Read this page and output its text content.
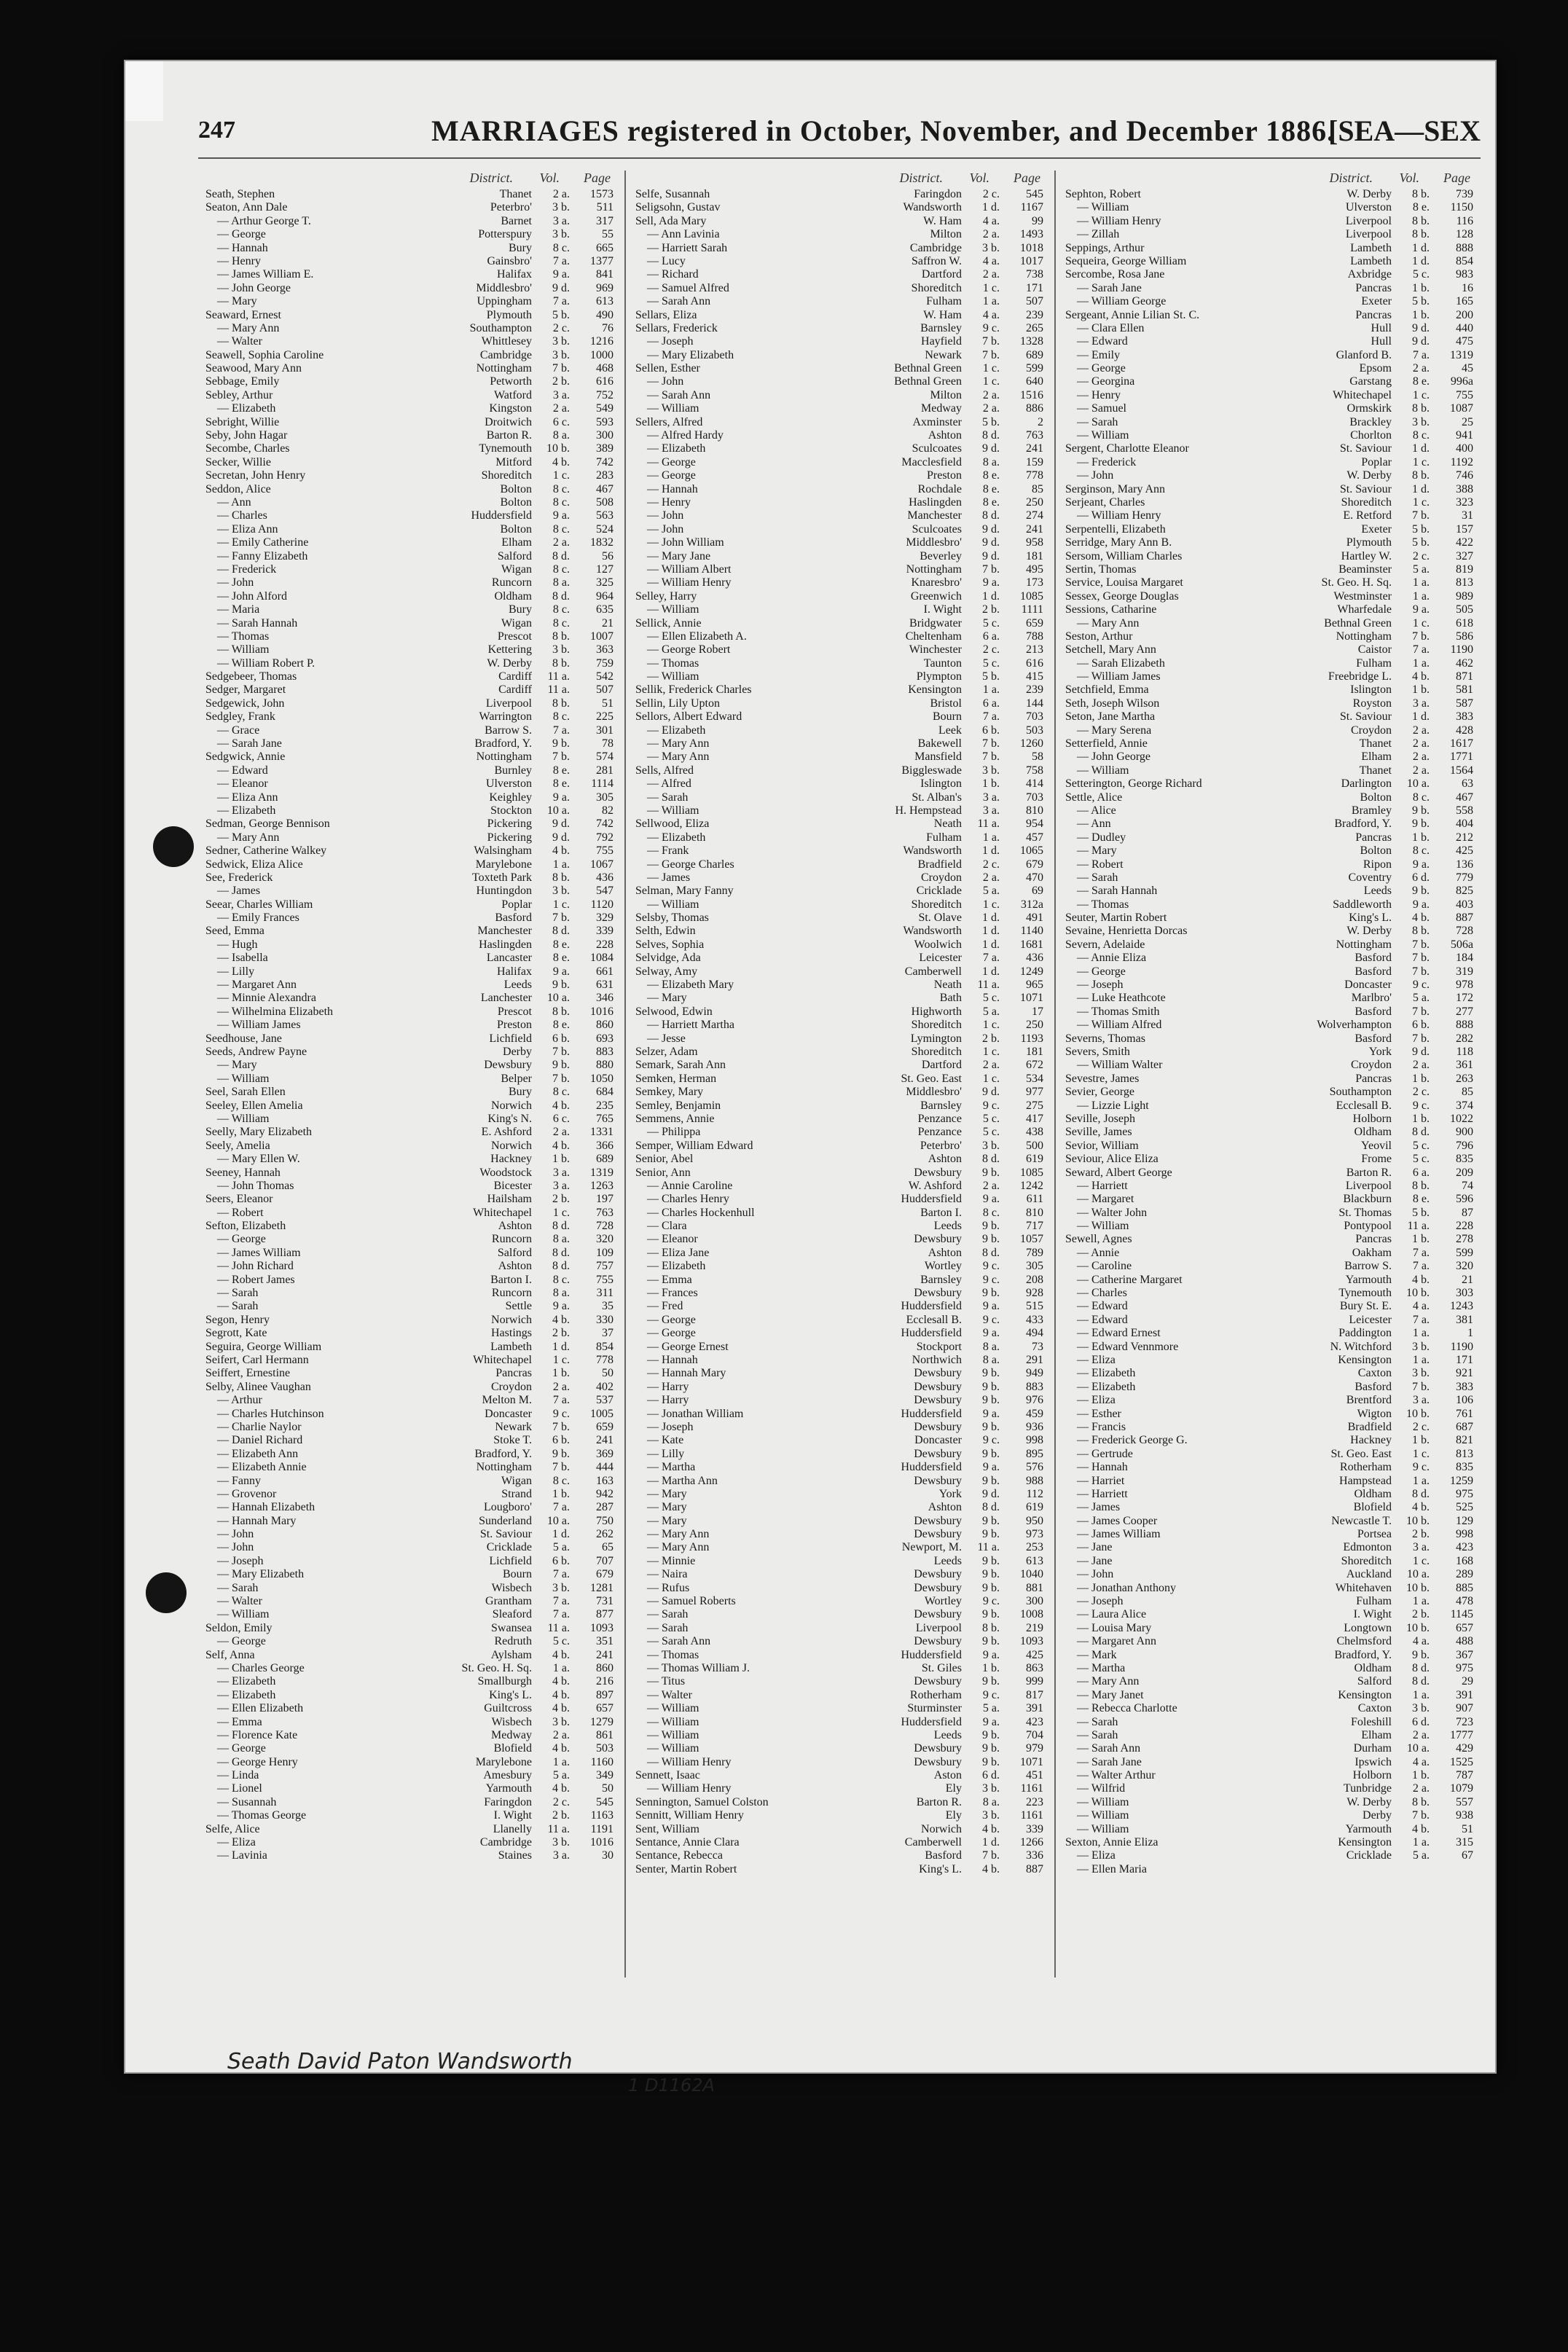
247	MARRIAGES registered in October, November, and December 1886.
[SEA—SEX
District.	Vol.	Page
Seath, Stephen	Thanet	2 a.	1573
Seaton, Ann Dale	Peterbro'	3 b.	511
— Arthur George T.	Barnet	3 a.	317
— George	Potterspury	3 b.	55
— Hannah	Bury	8 c.	665
— Henry	Gainsbro'	7 a.	1377
— James William E.	Halifax	9 a.	841
— John George	Middlesbro'	9 d.	969
— Mary	Uppingham	7 a.	613
Seaward, Ernest	Plymouth	5 b.	490
— Mary Ann	Southampton	2 c.	76
— Walter	Whittlesey	3 b.	1216
Seawell, Sophia Caroline	Cambridge	3 b.	1000
Seawood, Mary Ann	Nottingham	7 b.	468
Sebbage, Emily	Petworth	2 b.	616
Sebley, Arthur	Watford	3 a.	752
— Elizabeth	Kingston	2 a.	549
Sebright, Willie	Droitwich	6 c.	593
Seby, John Hagar	Barton R.	8 a.	300
Secombe, Charles	Tynemouth	10 b.	389
Secker, Willie	Mitford	4 b.	742
Secretan, John Henry	Shoreditch	1 c.	283
Seddon, Alice	Bolton	8 c.	467
— Ann	Bolton	8 c.	508
— Charles	Huddersfield	9 a.	563
— Eliza Ann	Bolton	8 c.	524
— Emily Catherine	Elham	2 a.	1832
— Fanny Elizabeth	Salford	8 d.	56
— Frederick	Wigan	8 c.	127
— John	Runcorn	8 a.	325
— John Alford	Oldham	8 d.	964
— Maria	Bury	8 c.	635
— Sarah Hannah	Wigan	8 c.	21
— Thomas	Prescot	8 b.	1007
— William	Kettering	3 b.	363
— William Robert P.	W. Derby	8 b.	759
Sedgebeer, Thomas	Cardiff	11 a.	542
Sedger, Margaret	Cardiff	11 a.	507
Sedgewick, John	Liverpool	8 b.	51
Sedgley, Frank	Warrington	8 c.	225
— Grace	Barrow S.	7 a.	301
— Sarah Jane	Bradford, Y.	9 b.	78
Sedgwick, Annie	Nottingham	7 b.	574
— Edward	Burnley	8 e.	281
— Eleanor	Ulverston	8 e.	1114
— Eliza Ann	Keighley	9 a.	305
— Elizabeth	Stockton	10 a.	82
Sedman, George Bennison	Pickering	9 d.	742
— Mary Ann	Pickering	9 d.	792
Sedner, Catherine Walkey	Walsingham	4 b.	755
Sedwick, Eliza Alice	Marylebone	1 a.	1067
See, Frederick	Toxteth Park	8 b.	436
— James	Huntingdon	3 b.	547
Seear, Charles William	Poplar	1 c.	1120
— Emily Frances	Basford	7 b.	329
Seed, Emma	Manchester	8 d.	339
— Hugh	Haslingden	8 e.	228
— Isabella	Lancaster	8 e.	1084
— Lilly	Halifax	9 a.	661
— Margaret Ann	Leeds	9 b.	631
— Minnie Alexandra	Lanchester	10 a.	346
— Wilhelmina Elizabeth	Prescot	8 b.	1016
— William James	Preston	8 e.	860
Seedhouse, Jane	Lichfield	6 b.	693
Seeds, Andrew Payne	Derby	7 b.	883
— Mary	Dewsbury	9 b.	880
— William	Belper	7 b.	1050
Seel, Sarah Ellen	Bury	8 c.	684
Seeley, Ellen Amelia	Norwich	4 b.	235
— William	King's N.	6 c.	765
Seelly, Mary Elizabeth	E. Ashford	2 a.	1331
Seely, Amelia	Norwich	4 b.	366
— Mary Ellen W.	Hackney	1 b.	689
Seeney, Hannah	Woodstock	3 a.	1319
— John Thomas	Bicester	3 a.	1263
Seers, Eleanor	Hailsham	2 b.	197
— Robert	Whitechapel	1 c.	763
Sefton, Elizabeth	Ashton	8 d.	728
— George	Runcorn	8 a.	320
— James William	Salford	8 d.	109
— John Richard	Ashton	8 d.	757
— Robert James	Barton I.	8 c.	755
— Sarah	Runcorn	8 a.	311
— Sarah	Settle	9 a.	35
Segon, Henry	Norwich	4 b.	330
Segrott, Kate	Hastings	2 b.	37
Seguira, George William	Lambeth	1 d.	854
Seifert, Carl Hermann	Whitechapel	1 c.	778
Seiffert, Ernestine	Pancras	1 b.	50
Selby, Alinee Vaughan	Croydon	2 a.	402
— Arthur	Melton M.	7 a.	537
— Charles Hutchinson	Doncaster	9 c.	1005
— Charlie Naylor	Newark	7 b.	659
— Daniel Richard	Stoke T.	6 b.	241
— Elizabeth Ann	Bradford, Y.	9 b.	369
— Elizabeth Annie	Nottingham	7 b.	444
— Fanny	Wigan	8 c.	163
— Grovenor	Strand	1 b.	942
— Hannah Elizabeth	Lougboro'	7 a.	287
— Hannah Mary	Sunderland	10 a.	750
— John	St. Saviour	1 d.	262
— John	Cricklade	5 a.	65
— Joseph	Lichfield	6 b.	707
— Mary Elizabeth	Bourn	7 a.	679
— Sarah	Wisbech	3 b.	1281
— Walter	Grantham	7 a.	731
— William	Sleaford	7 a.	877
Seldon, Emily	Swansea	11 a.	1093
— George	Redruth	5 c.	351
Self, Anna	Aylsham	4 b.	241
— Charles George	St. Geo. H. Sq.	1 a.	860
— Elizabeth	Smallburgh	4 b.	216
— Elizabeth	King's L.	4 b.	897
— Ellen Elizabeth	Guiltcross	4 b.	657
— Emma	Wisbech	3 b.	1279
— Florence Kate	Medway	2 a.	861
— George	Blofield	4 b.	503
— George Henry	Marylebone	1 a.	1160
— Linda	Amesbury	5 a.	349
— Lionel	Yarmouth	4 b.	50
— Susannah	Faringdon	2 c.	545
— Thomas George	I. Wight	2 b.	1163
Selfe, Alice	Llanelly	11 a.	1191
— Eliza	Cambridge	3 b.	1016
— Lavinia	Staines	3 a.	30
District.	Vol.	Page
Selfe, Susannah	Faringdon	2 c.	545
Seligsohn, Gustav	Wandsworth	1 d.	1167
Sell, Ada Mary	W. Ham	4 a.	99
— Ann Lavinia	Milton	2 a.	1493
— Harriett Sarah	Cambridge	3 b.	1018
— Lucy	Saffron W.	4 a.	1017
— Richard	Dartford	2 a.	738
— Samuel Alfred	Shoreditch	1 c.	171
— Sarah Ann	Fulham	1 a.	507
Sellars, Eliza	W. Ham	4 a.	239
Sellars, Frederick	Barnsley	9 c.	265
— Joseph	Hayfield	7 b.	1328
— Mary Elizabeth	Newark	7 b.	689
Sellen, Esther	Bethnal Green	1 c.	599
— John	Bethnal Green	1 c.	640
— Sarah Ann	Milton	2 a.	1516
— William	Medway	2 a.	886
Sellers, Alfred	Axminster	5 b.	2
— Alfred Hardy	Ashton	8 d.	763
— Elizabeth	Sculcoates	9 d.	241
— George	Macclesfield	8 a.	159
— George	Preston	8 e.	778
— Hannah	Rochdale	8 e.	85
— Henry	Haslingden	8 e.	250
— John	Manchester	8 d.	274
— John	Sculcoates	9 d.	241
— John William	Middlesbro'	9 d.	958
— Mary Jane	Beverley	9 d.	181
— William Albert	Nottingham	7 b.	495
— William Henry	Knaresbro'	9 a.	173
Selley, Harry	Greenwich	1 d.	1085
— William	I. Wight	2 b.	1111
Sellick, Annie	Bridgwater	5 c.	659
— Ellen Elizabeth A.	Cheltenham	6 a.	788
— George Robert	Winchester	2 c.	213
— Thomas	Taunton	5 c.	616
— William	Plympton	5 b.	415
Sellik, Frederick Charles	Kensington	1 a.	239
Sellin, Lily Upton	Bristol	6 a.	144
Sellors, Albert Edward	Bourn	7 a.	703
— Elizabeth	Leek	6 b.	503
— Mary Ann	Bakewell	7 b.	1260
— Mary Ann	Mansfield	7 b.	58
Sells, Alfred	Biggleswade	3 b.	758
— Alfred	Islington	1 b.	414
— Sarah	St. Alban's	3 a.	703
— William	H. Hempstead	3 a.	810
Sellwood, Eliza	Neath	11 a.	954
— Elizabeth	Fulham	1 a.	457
— Frank	Wandsworth	1 d.	1065
— George Charles	Bradfield	2 c.	679
— James	Croydon	2 a.	470
Selman, Mary Fanny	Cricklade	5 a.	69
— William	Shoreditch	1 c.	312a
Selsby, Thomas	St. Olave	1 d.	491
Selth, Edwin	Wandsworth	1 d.	1140
Selves, Sophia	Woolwich	1 d.	1681
Selvidge, Ada	Leicester	7 a.	436
Selway, Amy	Camberwell	1 d.	1249
— Elizabeth Mary	Neath	11 a.	965
— Mary	Bath	5 c.	1071
Selwood, Edwin	Highworth	5 a.	17
— Harriett Martha	Shoreditch	1 c.	250
— Jesse	Lymington	2 b.	1193
Selzer, Adam	Shoreditch	1 c.	181
Semark, Sarah Ann	Dartford	2 a.	672
Semken, Herman	St. Geo. East	1 c.	534
Semkey, Mary	Middlesbro'	9 d.	977
Semley, Benjamin	Barnsley	9 c.	275
Semmens, Annie	Penzance	5 c.	417
— Philippa	Penzance	5 c.	438
Semper, William Edward	Peterbro'	3 b.	500
Senior, Abel	Ashton	8 d.	619
Senior, Ann	Dewsbury	9 b.	1085
— Annie Caroline	W. Ashford	2 a.	1242
— Charles Henry	Huddersfield	9 a.	611
— Charles Hockenhull	Barton I.	8 c.	810
— Clara	Leeds	9 b.	717
— Eleanor	Dewsbury	9 b.	1057
— Eliza Jane	Ashton	8 d.	789
— Elizabeth	Wortley	9 c.	305
— Emma	Barnsley	9 c.	208
— Frances	Dewsbury	9 b.	928
— Fred	Huddersfield	9 a.	515
— George	Ecclesall B.	9 c.	433
— George	Huddersfield	9 a.	494
— George Ernest	Stockport	8 a.	73
— Hannah	Northwich	8 a.	291
— Hannah Mary	Dewsbury	9 b.	949
— Harry	Dewsbury	9 b.	883
— Harry	Dewsbury	9 b.	976
— Jonathan William	Huddersfield	9 a.	459
— Joseph	Dewsbury	9 b.	936
— Kate	Doncaster	9 c.	998
— Lilly	Dewsbury	9 b.	895
— Martha	Huddersfield	9 a.	576
— Martha Ann	Dewsbury	9 b.	988
— Mary	York	9 d.	112
— Mary	Ashton	8 d.	619
— Mary	Dewsbury	9 b.	950
— Mary Ann	Dewsbury	9 b.	973
— Mary Ann	Newport, M.	11 a.	253
— Minnie	Leeds	9 b.	613
— Naira	Dewsbury	9 b.	1040
— Rufus	Dewsbury	9 b.	881
— Samuel Roberts	Wortley	9 c.	300
— Sarah	Dewsbury	9 b.	1008
— Sarah	Liverpool	8 b.	219
— Sarah Ann	Dewsbury	9 b.	1093
— Thomas	Huddersfield	9 a.	425
— Thomas William J.	St. Giles	1 b.	863
— Titus	Dewsbury	9 b.	999
— Walter	Rotherham	9 c.	817
— William	Sturminster	5 a.	391
— William	Huddersfield	9 a.	423
— William	Leeds	9 b.	704
— William	Dewsbury	9 b.	979
— William Henry	Dewsbury	9 b.	1071
Sennett, Isaac	Aston	6 d.	451
— William Henry	Ely	3 b.	1161
Sennington, Samuel Colston	Barton R.	8 a.	223
Sennitt, William Henry	Ely	3 b.	1161
Sent, William	Norwich	4 b.	339
Sentance, Annie Clara	Camberwell	1 d.	1266
Sentance, Rebecca	Basford	7 b.	336
Senter, Martin Robert	King's L.	4 b.	887
District.	Vol.	Page
Sephton, Robert	W. Derby	8 b.	739
— William	Ulverston	8 e.	1150
— William Henry	Liverpool	8 b.	116
— Zillah	Liverpool	8 b.	128
Seppings, Arthur	Lambeth	1 d.	888
Sequeira, George William	Lambeth	1 d.	854
Sercombe, Rosa Jane	Axbridge	5 c.	983
— Sarah Jane	Pancras	1 b.	16
— William George	Exeter	5 b.	165
Sergeant, Annie Lilian St. C.	Pancras	1 b.	200
— Clara Ellen	Hull	9 d.	440
— Edward	Hull	9 d.	475
— Emily	Glanford B.	7 a.	1319
— George	Epsom	2 a.	45
— Georgina	Garstang	8 e.	996a
— Henry	Whitechapel	1 c.	755
— Samuel	Ormskirk	8 b.	1087
— Sarah	Brackley	3 b.	25
— William	Chorlton	8 c.	941
Sergent, Charlotte Eleanor	St. Saviour	1 d.	400
— Frederick	Poplar	1 c.	1192
— John	W. Derby	8 b.	746
Serginson, Mary Ann	St. Saviour	1 d.	388
Serjeant, Charles	Shoreditch	1 c.	323
— William Henry	E. Retford	7 b.	31
Serpentelli, Elizabeth	Exeter	5 b.	157
Serridge, Mary Ann B.	Plymouth	5 b.	422
Sersom, William Charles	Hartley W.	2 c.	327
Sertin, Thomas	Beaminster	5 a.	819
Service, Louisa Margaret	St. Geo. H. Sq.	1 a.	813
Sessex, George Douglas	Westminster	1 a.	989
Sessions, Catharine	Wharfedale	9 a.	505
— Mary Ann	Bethnal Green	1 c.	618
Seston, Arthur	Nottingham	7 b.	586
Setchell, Mary Ann	Caistor	7 a.	1190
— Sarah Elizabeth	Fulham	1 a.	462
— William James	Freebridge L.	4 b.	871
Setchfield, Emma	Islington	1 b.	581
Seth, Joseph Wilson	Royston	3 a.	587
Seton, Jane Martha	St. Saviour	1 d.	383
— Mary Serena	Croydon	2 a.	428
Setterfield, Annie	Thanet	2 a.	1617
— John George	Elham	2 a.	1771
— William	Thanet	2 a.	1564
Setterington, George Richard	Darlington	10 a.	63
Settle, Alice	Bolton	8 c.	467
— Alice	Bramley	9 b.	558
— Ann	Bradford, Y.	9 b.	404
— Dudley	Pancras	1 b.	212
— Mary	Bolton	8 c.	425
— Robert	Ripon	9 a.	136
— Sarah	Coventry	6 d.	779
— Sarah Hannah	Leeds	9 b.	825
— Thomas	Saddleworth	9 a.	403
Seuter, Martin Robert	King's L.	4 b.	887
Sevaine, Henrietta Dorcas	W. Derby	8 b.	728
Severn, Adelaide	Nottingham	7 b.	506a
— Annie Eliza	Basford	7 b.	184
— George	Basford	7 b.	319
— Joseph	Doncaster	9 c.	978
— Luke Heathcote	Marlbro'	5 a.	172
— Thomas Smith	Basford	7 b.	277
— William Alfred	Wolverhampton	6 b.	888
Severns, Thomas	Basford	7 b.	282
Severs, Smith	York	9 d.	118
— William Walter	Croydon	2 a.	361
Sevestre, James	Pancras	1 b.	263
Sevier, George	Southampton	2 c.	85
— Lizzie Light	Ecclesall B.	9 c.	374
Seville, Joseph	Holborn	1 b.	1022
Seville, James	Oldham	8 d.	900
Sevior, William	Yeovil	5 c.	796
Seviour, Alice Eliza	Frome	5 c.	835
Seward, Albert George	Barton R.	6 a.	209
— Harriett	Liverpool	8 b.	74
— Margaret	Blackburn	8 e.	596
— Walter John	St. Thomas	5 b.	87
— William	Pontypool	11 a.	228
Sewell, Agnes	Pancras	1 b.	278
— Annie	Oakham	7 a.	599
— Caroline	Barrow S.	7 a.	320
— Catherine Margaret	Yarmouth	4 b.	21
— Charles	Tynemouth	10 b.	303
— Edward	Bury St. E.	4 a.	1243
— Edward	Leicester	7 a.	381
— Edward Ernest	Paddington	1 a.	1
— Edward Vennmore	N. Witchford	3 b.	1190
— Eliza	Kensington	1 a.	171
— Elizabeth	Caxton	3 b.	921
— Elizabeth	Basford	7 b.	383
— Eliza	Brentford	3 a.	106
— Esther	Wigton	10 b.	761
— Francis	Bradfield	2 c.	687
— Frederick George G.	Hackney	1 b.	821
— Gertrude	St. Geo. East	1 c.	813
— Hannah	Rotherham	9 c.	835
— Harriet	Hampstead	1 a.	1259
— Harriett	Oldham	8 d.	975
— James	Blofield	4 b.	525
— James Cooper	Newcastle T.	10 b.	129
— James William	Portsea	2 b.	998
— Jane	Edmonton	3 a.	423
— Jane	Shoreditch	1 c.	168
— John	Auckland	10 a.	289
— Jonathan Anthony	Whitehaven	10 b.	885
— Joseph	Fulham	1 a.	478
— Laura Alice	I. Wight	2 b.	1145
— Louisa Mary	Longtown	10 b.	657
— Margaret Ann	Chelmsford	4 a.	488
— Mark	Bradford, Y.	9 b.	367
— Martha	Oldham	8 d.	975
— Mary Ann	Salford	8 d.	29
— Mary Janet	Kensington	1 a.	391
— Rebecca Charlotte	Caxton	3 b.	907
— Sarah	Foleshill	6 d.	723
— Sarah	Elham	2 a.	1777
— Sarah Ann	Durham	10 a.	429
— Sarah Jane	Ipswich	4 a.	1525
— Walter Arthur	Holborn	1 b.	787
— Wilfrid	Tunbridge	2 a.	1079
— William	W. Derby	8 b.	557
— William	Derby	7 b.	938
— William	Yarmouth	4 b.	51
Sexton, Annie Eliza	Kensington	1 a.	315
— Eliza	Cricklade	5 a.	67
— Ellen Maria
Seath David Paton Wandsworth
1 D1162A
